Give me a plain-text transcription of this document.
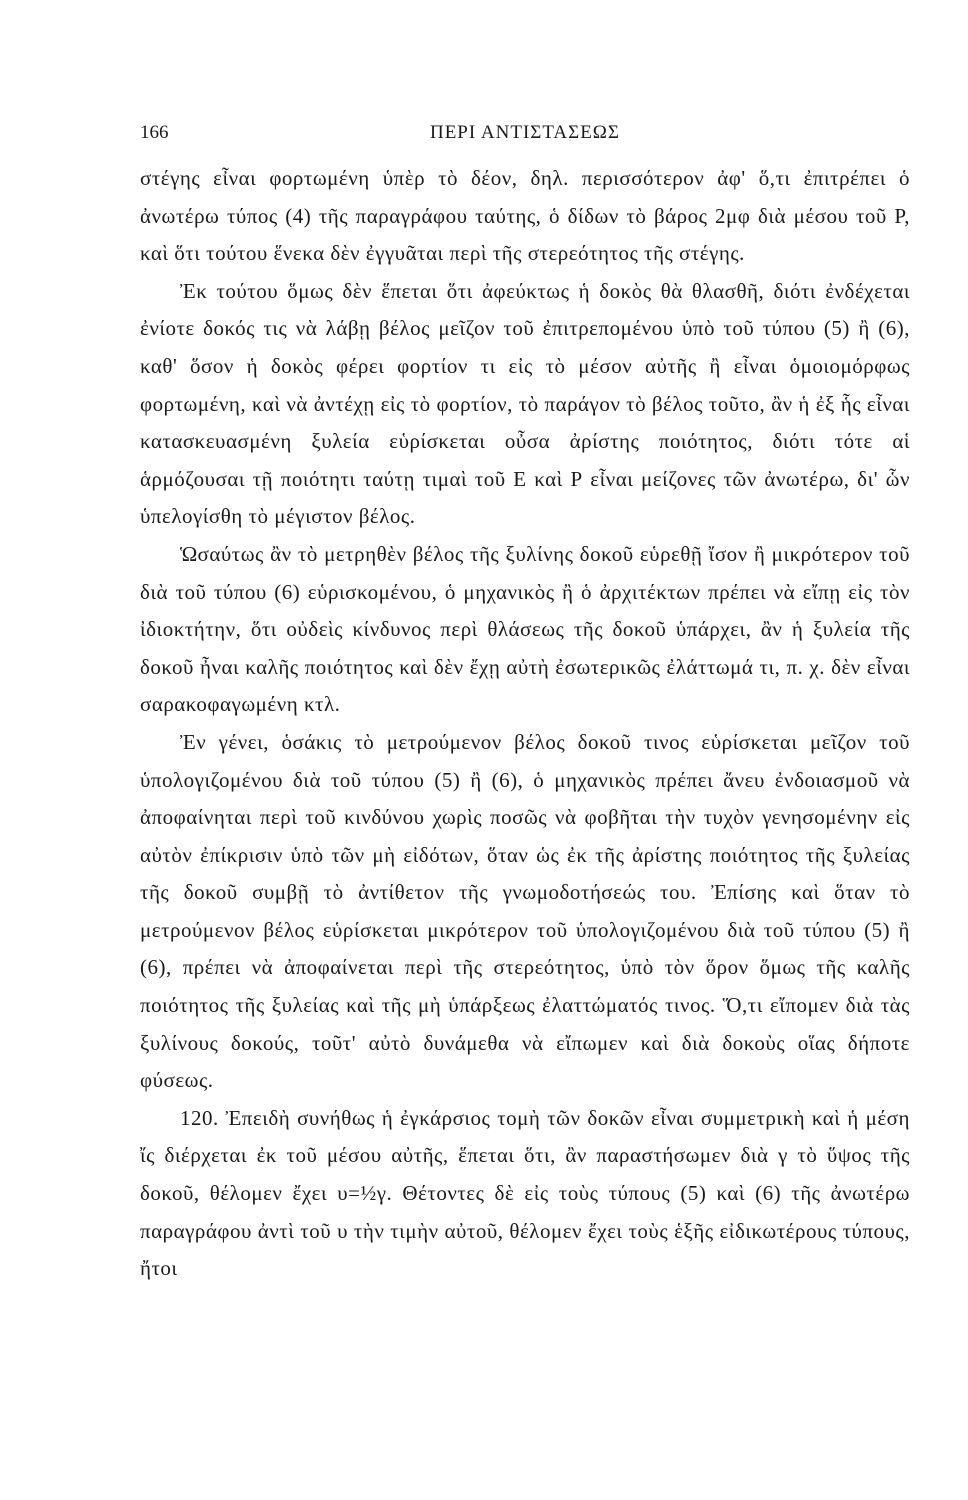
166	ΠΕΡΙ ΑΝΤΙΣΤΑΣΕΩΣ

στέγης εἶναι φορτωμένη ὑπὲρ τὸ δέον, δηλ. περισσότερον ἀφ' ὅ,τι ἐπιτρέπει ὁ ἀνωτέρω τύπος (4) τῆς παραγράφου ταύτης, ὁ δίδων τὸ βάρος 2μφ διὰ μέσου τοῦ Ρ, καὶ ὅτι τούτου ἕνεκα δὲν ἐγγυᾶται περὶ τῆς στερεότητος τῆς στέγης.

Ἐκ τούτου ὅμως δὲν ἕπεται ὅτι ἀφεύκτως ἡ δοκὸς θὰ θλασθῆ, διότι ἐνδέχεται ἐνίοτε δοκός τις νὰ λάβῃ βέλος μεῖζον τοῦ ἐπιτρεπομένου ὑπὸ τοῦ τύπου (5) ἢ (6), καθ' ὅσον ἡ δοκὸς φέρει φορτίον τι εἰς τὸ μέσον αὐτῆς ἢ εἶναι ὁμοιομόρφως φορτωμένη, καὶ νὰ ἀντέχῃ εἰς τὸ φορτίον, τὸ παράγον τὸ βέλος τοῦτο, ἂν ἡ ἐξ ἧς εἶναι κατασκευασμένη ξυλεία εὑρίσκεται οὖσα ἀρίστης ποιότητος, διότι τότε αἱ ἁρμόζουσαι τῇ ποιότητι ταύτῃ τιμαὶ τοῦ Ε καὶ Ρ εἶναι μείζονες τῶν ἀνωτέρω, δι' ὧν ὑπελογίσθη τὸ μέγιστον βέλος.

Ὡσαύτως ἂν τὸ μετρηθὲν βέλος τῆς ξυλίνης δοκοῦ εὑρεθῇ ἴσον ἢ μικρότερον τοῦ διὰ τοῦ τύπου (6) εὑρισκομένου, ὁ μηχανικὸς ἢ ὁ ἀρχιτέκτων πρέπει νὰ εἴπῃ εἰς τὸν ἰδιοκτήτην, ὅτι οὐδεὶς κίνδυνος περὶ θλάσεως τῆς δοκοῦ ὑπάρχει, ἂν ἡ ξυλεία τῆς δοκοῦ ἦναι καλῆς ποιότητος καὶ δὲν ἔχῃ αὐτὴ ἐσωτερικῶς ἐλάττωμά τι, π. χ. δὲν εἶναι σαρακοφαγωμένη κτλ.

Ἐν γένει, ὁσάκις τὸ μετρούμενον βέλος δοκοῦ τινος εὑρίσκεται μεῖζον τοῦ ὑπολογιζομένου διὰ τοῦ τύπου (5) ἢ (6), ὁ μηχανικὸς πρέπει ἄνευ ἐνδοιασμοῦ νὰ ἀποφαίνηται περὶ τοῦ κινδύνου χωρὶς ποσῶς νὰ φοβῆται τὴν τυχὸν γενησομένην εἰς αὐτὸν ἐπίκρισιν ὑπὸ τῶν μὴ εἰδότων, ὅταν ὡς ἐκ τῆς ἀρίστης ποιότητος τῆς ξυλείας τῆς δοκοῦ συμβῇ τὸ ἀντίθετον τῆς γνωμοδοτήσεώς του. Ἐπίσης καὶ ὅταν τὸ μετρούμενον βέλος εὑρίσκεται μικρότερον τοῦ ὑπολογιζομένου διὰ τοῦ τύπου (5) ἢ (6), πρέπει νὰ ἀποφαίνεται περὶ τῆς στερεότητος, ὑπὸ τὸν ὅρον ὅμως τῆς καλῆς ποιότητος τῆς ξυλείας καὶ τῆς μὴ ὑπάρξεως ἐλαττώματός τινος. Ὅ,τι εἴπομεν διὰ τὰς ξυλίνους δοκούς, τοῦτ' αὐτὸ δυνάμεθα νὰ εἴπωμεν καὶ διὰ δοκοὺς οἵας δήποτε φύσεως.

120. Ἐπειδὴ συνήθως ἡ ἐγκάρσιος τομὴ τῶν δοκῶν εἶναι συμμετρικὴ καὶ ἡ μέση ἴς διέρχεται ἐκ τοῦ μέσου αὐτῆς, ἕπεται ὅτι, ἂν παραστήσωμεν διὰ γ τὸ ὕψος τῆς δοκοῦ, θέλομεν ἔχει υ=½γ. Θέτοντες δὲ εἰς τοὺς τύπους (5) καὶ (6) τῆς ἀνωτέρω παραγράφου ἀντὶ τοῦ υ τὴν τιμὴν αὐτοῦ, θέλομεν ἔχει τοὺς ἑξῆς εἰδικωτέρους τύπους, ἤτοι
